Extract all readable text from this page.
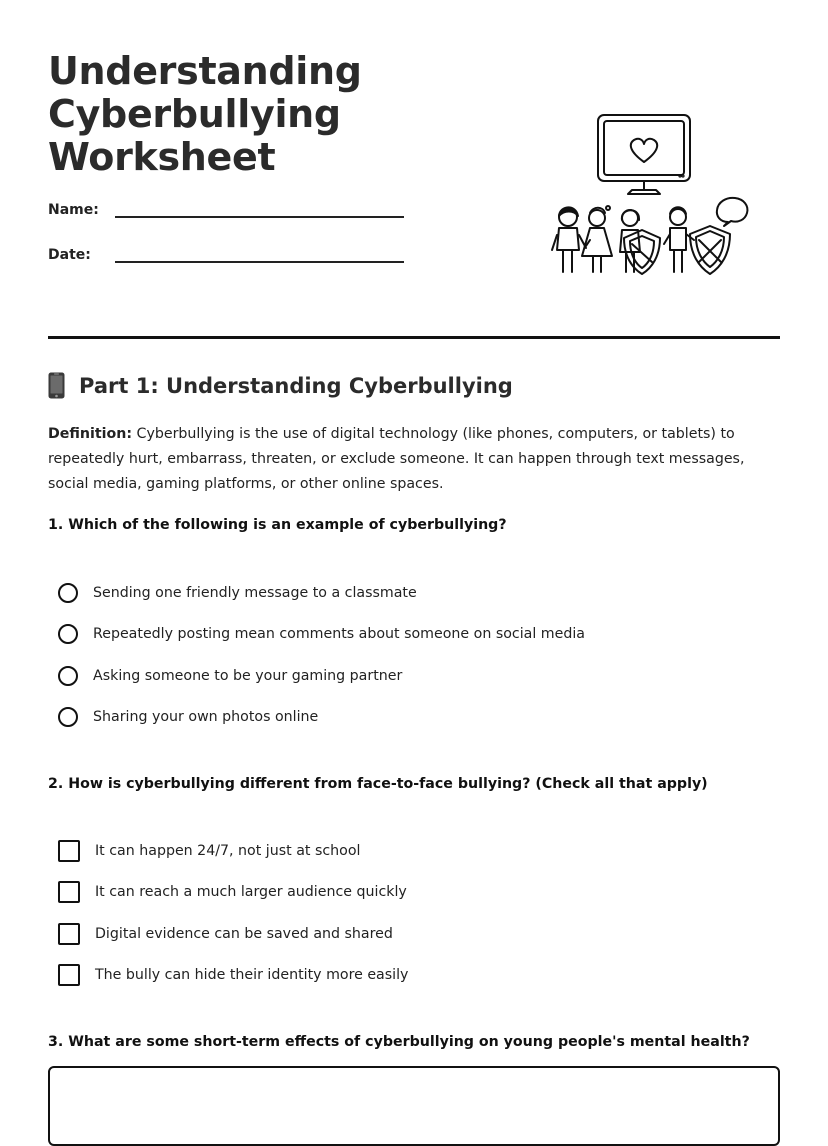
Understanding
Cyberbullying
Worksheet
Name:
Date:
Part 1: Understanding Cyberbullying

Definition: Cyberbullying is the use of digital technology (like phones, computers, or tablets) to repeatedly hurt, embarrass, threaten, or exclude someone. It can happen through text messages, social media, gaming platforms, or other online spaces.

1. Which of the following is an example of cyberbullying?

Sending one friendly message to a classmate
Repeatedly posting mean comments about someone on social media
Asking someone to be your gaming partner
Sharing your own photos online

2. How is cyberbullying different from face-to-face bullying? (Check all that apply)

It can happen 24/7, not just at school
It can reach a much larger audience quickly
Digital evidence can be saved and shared
The bully can hide their identity more easily

3. What are some short-term effects of cyberbullying on young people's mental health?
